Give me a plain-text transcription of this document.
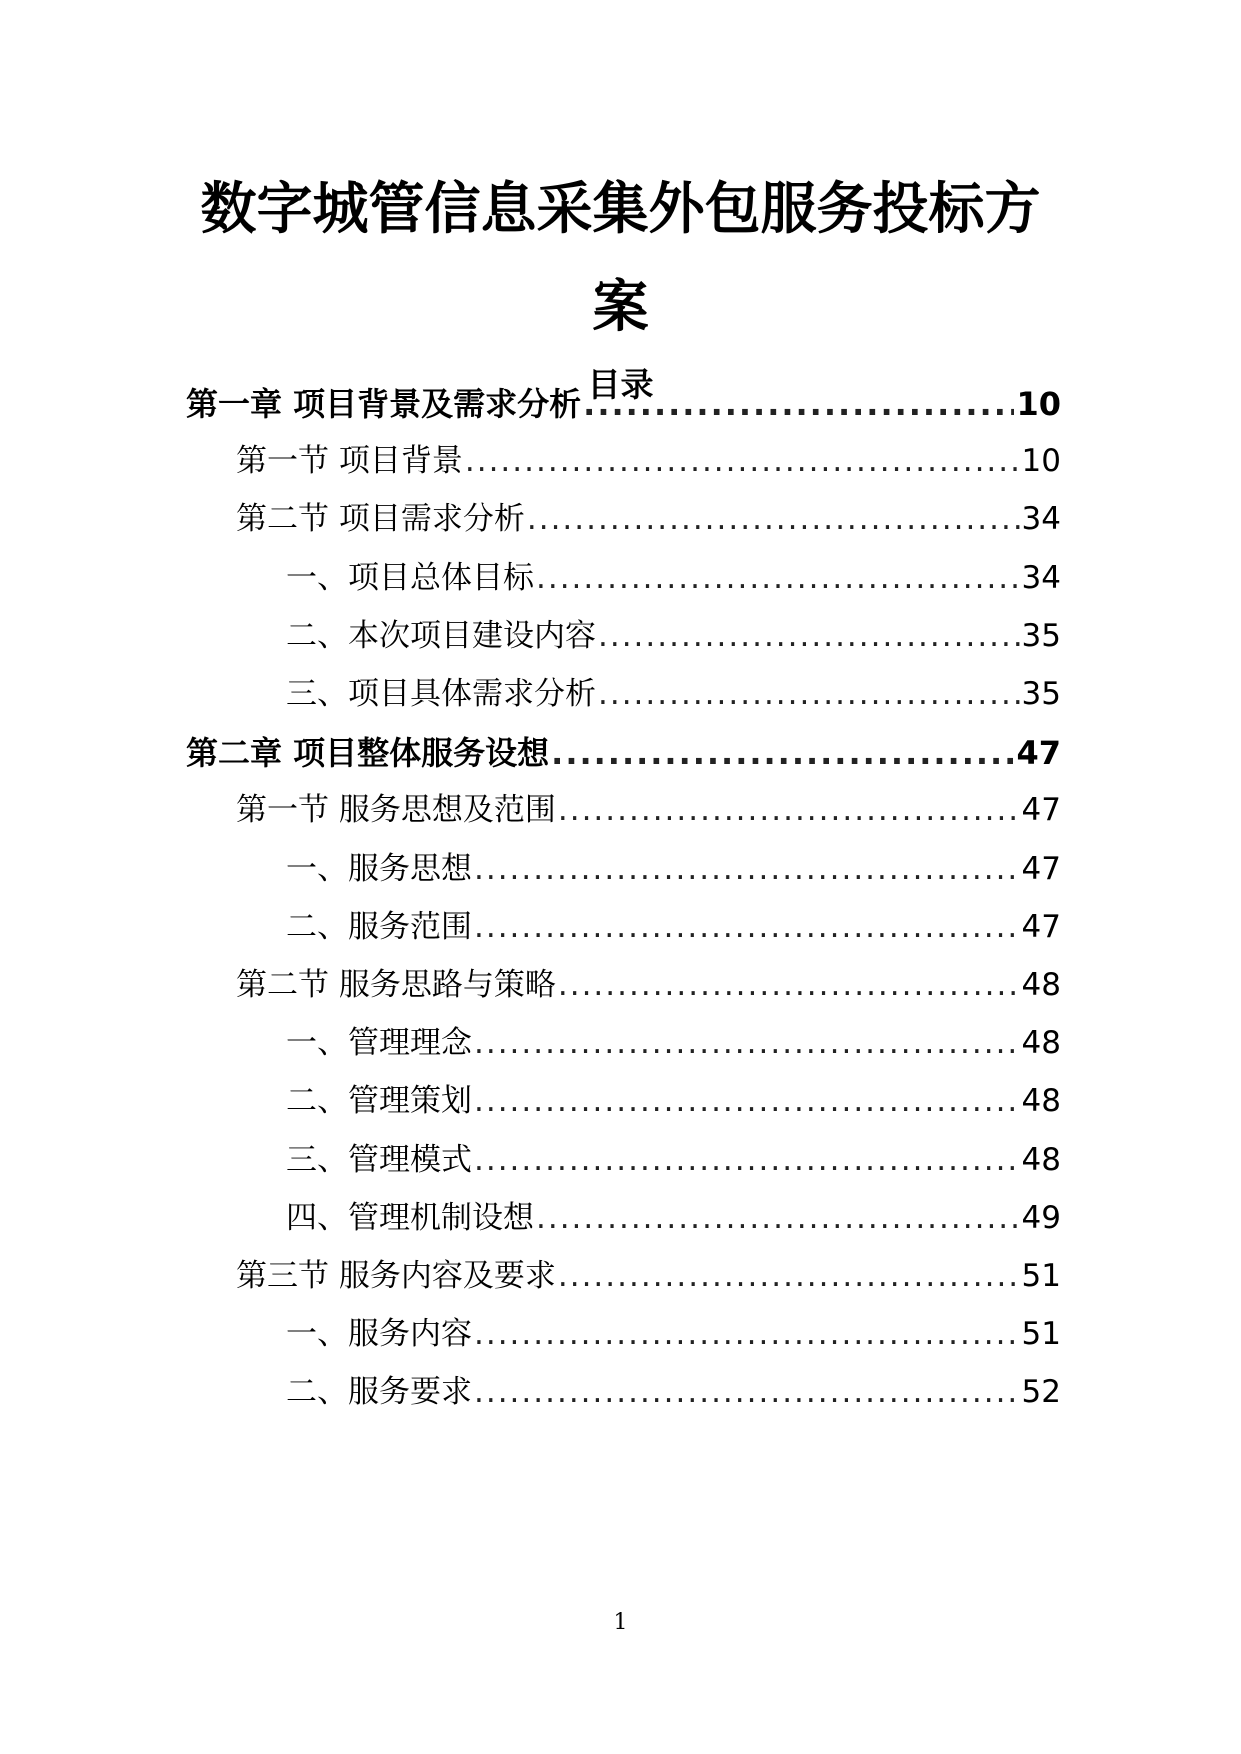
数字城管信息采集外包服务投标方
案
目录
第一章 项目背景及需求分析 .....	10
第一节 项目背景 .....	10
第二节 项目需求分析 .....	34
一、项目总体目标 .....	34
二、本次项目建设内容 .....	35
三、项目具体需求分析 .....	35
第二章 项目整体服务设想 .....	47
第一节 服务思想及范围 .....	47
一、服务思想 .....	47
二、服务范围 .....	47
第二节 服务思路与策略 .....	48
一、管理理念 .....	48
二、管理策划 .....	48
三、管理模式 .....	48
四、管理机制设想 .....	49
第三节 服务内容及要求 .....	51
一、服务内容 .....	51
二、服务要求 .....	52
1
